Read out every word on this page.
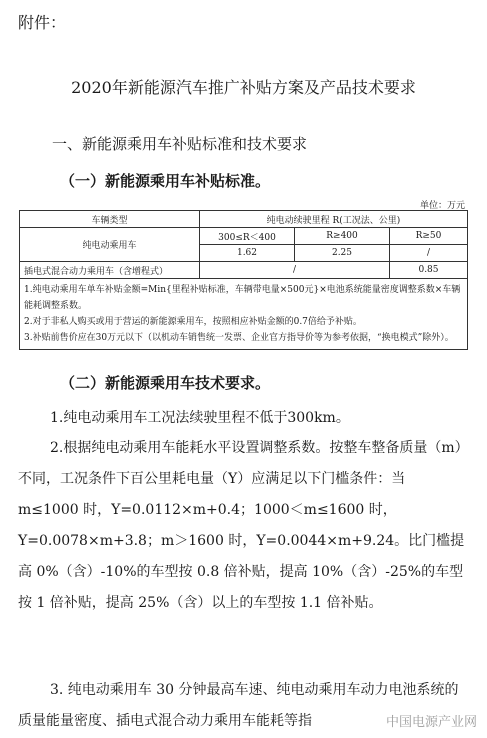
附件：
2020年新能源汽车推广补贴方案及产品技术要求
一、新能源乘用车补贴标准和技术要求
（一）新能源乘用车补贴标准。
单位：万元
车辆类型	纯电动续驶里程 R(工况法、公里)		
纯电动乘用车	300≤R＜400	R≥400	R≥50
	1.62	2.25	/
插电式混合动力乘用车（含增程式）	/		0.85

1.纯电动乘用车单车补贴金额=Min{里程补贴标准，车辆带电量×500元}×电池系统能量密度调整系数×车辆能耗调整系数。
2.对于非私人购买或用于营运的新能源乘用车，按照相应补贴金额的0.7倍给予补贴。
3.补贴前售价应在30万元以下（以机动车销售统一发票、企业官方指导价等为参考依据，“换电模式”除外）。			
（二）新能源乘用车技术要求。
1.纯电动乘用车工况法续驶里程不低于300km。
2.根据纯电动乘用车能耗水平设置调整系数。按整车整备质量（m）不同，工况条件下百公里耗电量（Y）应满足以下门槛条件：当 m≤1000 时，Y=0.0112×m+0.4；1000＜m≤1600 时，Y=0.0078×m+3.8；m＞1600 时，Y=0.0044×m+9.24。比门槛提高 0%（含）-10%的车型按 0.8 倍补贴，提高 10%（含）-25%的车型按 1 倍补贴，提高 25%（含）以上的车型按 1.1 倍补贴。
3. 纯电动乘用车 30 分钟最高车速、纯电动乘用车动力电池系统的质量能量密度、插电式混合动力乘用车能耗等指	中国电源产业网
